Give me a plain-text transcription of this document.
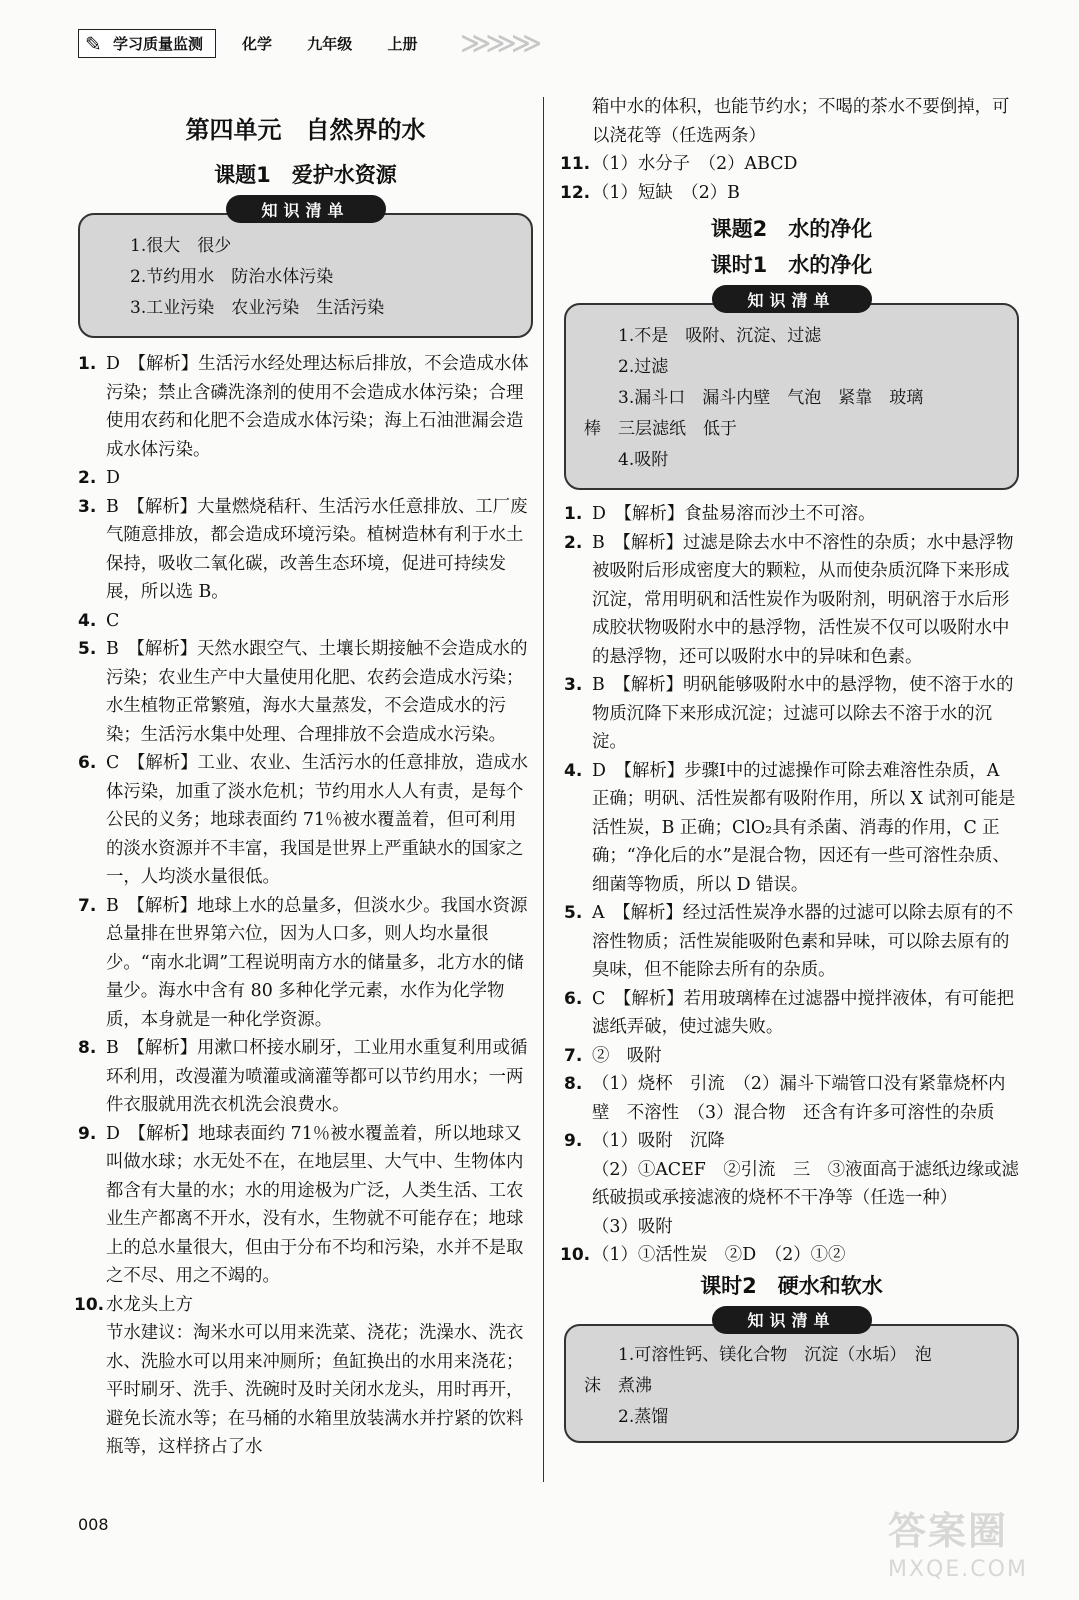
✎ 学习质量监测	化学 九年级 上册	≫≫≫
第四单元　自然界的水
课题1　爱护水资源
知识清单
1.很大　很少
2.节约用水　防治水体污染
3.工业污染　农业污染　生活污染
1. D　【解析】生活污水经处理达标后排放，不会造成水体污染；禁止含磷洗涤剂的使用不会造成水体污染；合理使用农药和化肥不会造成水体污染；海上石油泄漏会造成水体污染。
2. D
3. B　【解析】大量燃烧秸秆、生活污水任意排放、工厂废气随意排放，都会造成环境污染。植树造林有利于水土保持，吸收二氧化碳，改善生态环境，促进可持续发展，所以选 B。
4. C
5. B　【解析】天然水跟空气、土壤长期接触不会造成水的污染；农业生产中大量使用化肥、农药会造成水污染；水生植物正常繁殖，海水大量蒸发，不会造成水的污染；生活污水集中处理、合理排放不会造成水污染。
6. C　【解析】工业、农业、生活污水的任意排放，造成水体污染，加重了淡水危机；节约用水人人有责，是每个公民的义务；地球表面约 71％被水覆盖着，但可利用的淡水资源并不丰富，我国是世界上严重缺水的国家之一，人均淡水量很低。
7. B　【解析】地球上水的总量多，但淡水少。我国水资源总量排在世界第六位，因为人口多，则人均水量很少。“南水北调”工程说明南方水的储量多，北方水的储量少。海水中含有 80 多种化学元素，水作为化学物质，本身就是一种化学资源。
8. B　【解析】用漱口杯接水刷牙，工业用水重复利用或循环利用，改漫灌为喷灌或滴灌等都可以节约用水；一两件衣服就用洗衣机洗会浪费水。
9. D　【解析】地球表面约 71％被水覆盖着，所以地球又叫做水球；水无处不在，在地层里、大气中、生物体内都含有大量的水；水的用途极为广泛，人类生活、工农业生产都离不开水，没有水，生物就不可能存在；地球上的总水量很大，但由于分布不均和污染，水并不是取之不尽、用之不竭的。
10. 水龙头上方
节水建议：淘米水可以用来洗菜、浇花；洗澡水、洗衣水、洗脸水可以用来冲厕所；鱼缸换出的水用来浇花；平时刷牙、洗手、洗碗时及时关闭水龙头，用时再开，避免长流水等；在马桶的水箱里放装满水并拧紧的饮料瓶等，这样挤占了水
箱中水的体积，也能节约水；不喝的茶水不要倒掉，可以浇花等（任选两条）
11. （1）水分子　（2）ABCD
12. （1）短缺　（2）B
课题2　水的净化
课时1　水的净化
知识清单
1.不是　吸附、沉淀、过滤
2.过滤
3.漏斗口　漏斗内壁　气泡　紧靠　玻璃
棒　三层滤纸　低于
4.吸附
1. D　【解析】食盐易溶而沙土不可溶。
2. B　【解析】过滤是除去水中不溶性的杂质；水中悬浮物被吸附后形成密度大的颗粒，从而使杂质沉降下来形成沉淀，常用明矾和活性炭作为吸附剂，明矾溶于水后形成胶状物吸附水中的悬浮物，活性炭不仅可以吸附水中的悬浮物，还可以吸附水中的异味和色素。
3. B　【解析】明矾能够吸附水中的悬浮物，使不溶于水的物质沉降下来形成沉淀；过滤可以除去不溶于水的沉淀。
4. D　【解析】步骤Ⅰ中的过滤操作可除去难溶性杂质，A 正确；明矾、活性炭都有吸附作用，所以 X 试剂可能是活性炭，B 正确；ClO₂具有杀菌、消毒的作用，C 正确；“净化后的水”是混合物，因还有一些可溶性杂质、细菌等物质，所以 D 错误。
5. A　【解析】经过活性炭净水器的过滤可以除去原有的不溶性物质；活性炭能吸附色素和异味，可以除去原有的臭味，但不能除去所有的杂质。
6. C　【解析】若用玻璃棒在过滤器中搅拌液体，有可能把滤纸弄破，使过滤失败。
7. ②　吸附
8. （1）烧杯　引流　（2）漏斗下端管口没有紧靠烧杯内壁　不溶性　（3）混合物　还含有许多可溶性的杂质
9. （1）吸附　沉降
（2）①ACEF　②引流　三　③液面高于滤纸边缘或滤纸破损或承接滤液的烧杯不干净等（任选一种）
（3）吸附
10. （1）①活性炭　②D　（2）①②
课时2　硬水和软水
知识清单
1.可溶性钙、镁化合物　沉淀（水垢）　泡
沫　煮沸
2.蒸馏
008	答案圈
MXQE.COM
